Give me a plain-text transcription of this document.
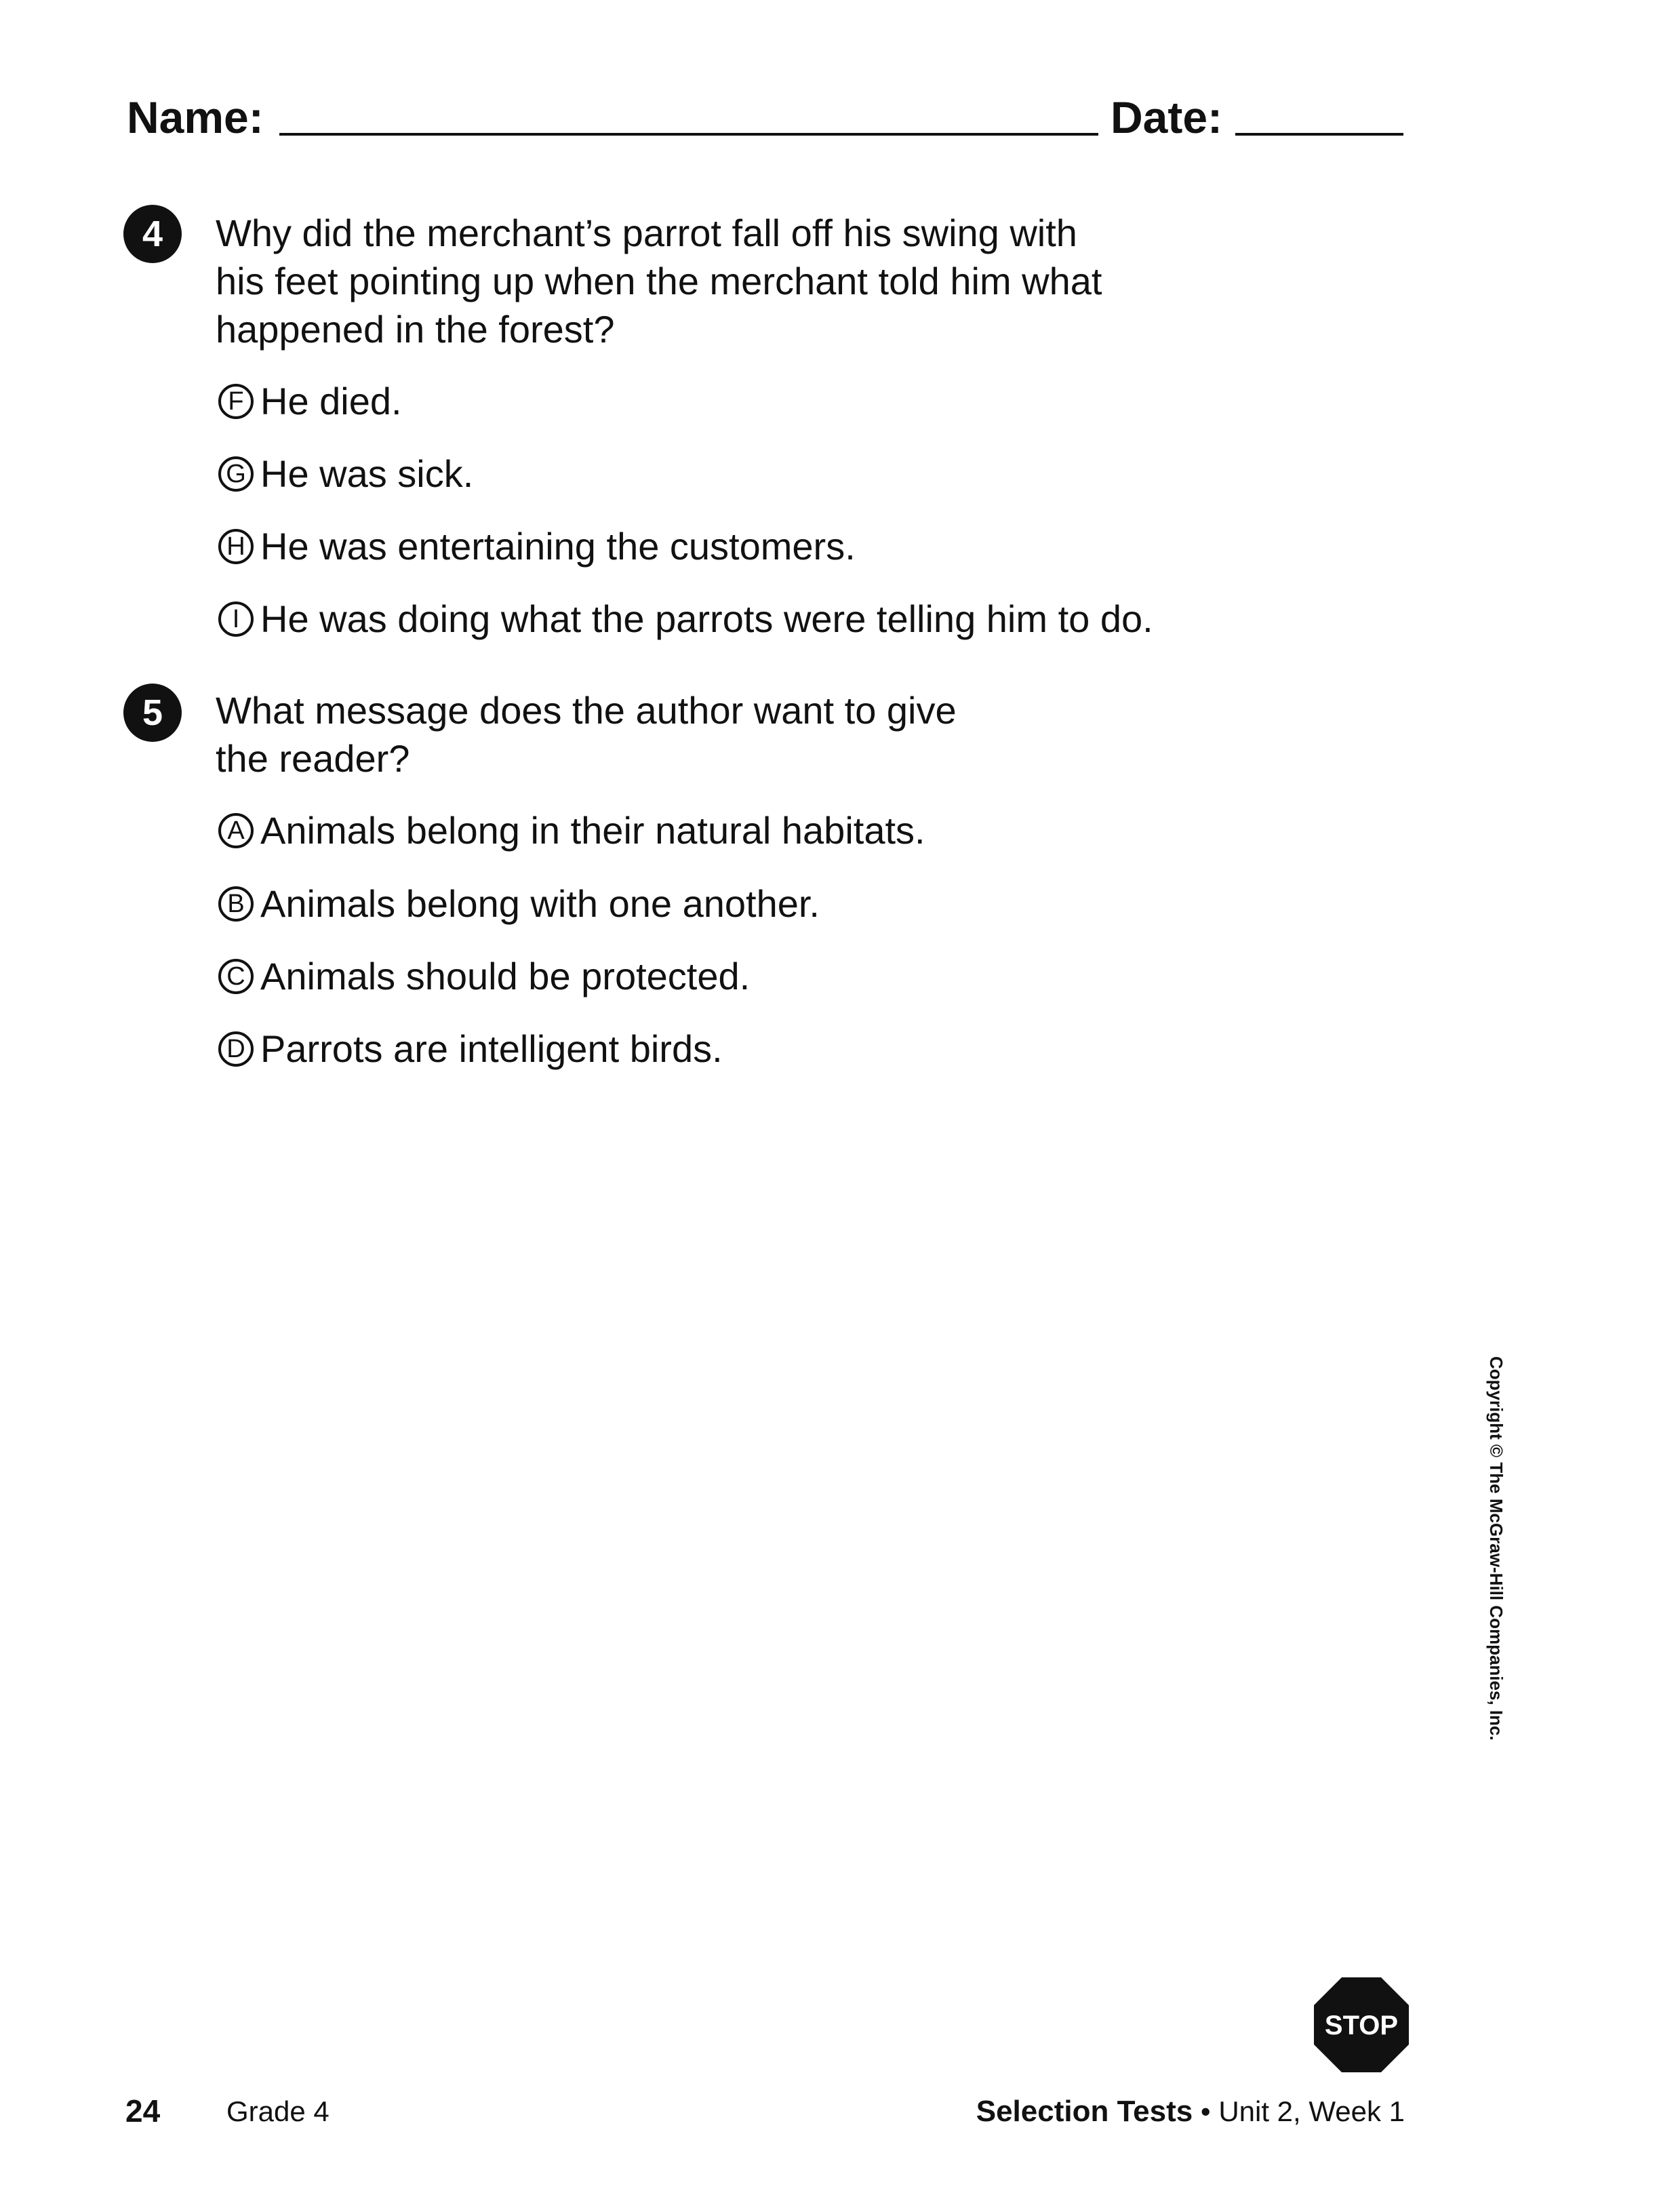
Name:	Date:
4	Why did the merchant’s parrot fall off his swing with
his feet pointing up when the merchant told him what
happened in the forest?
F He died.
G He was sick.
H He was entertaining the customers.
I He was doing what the parrots were telling him to do.
5	What message does the author want to give
the reader?
A Animals belong in their natural habitats.
B Animals belong with one another.
C Animals should be protected.
D Parrots are intelligent birds.
Copyright © The McGraw-Hill Companies, Inc.
STOP
24 Grade 4	Selection Tests • Unit 2, Week 1
